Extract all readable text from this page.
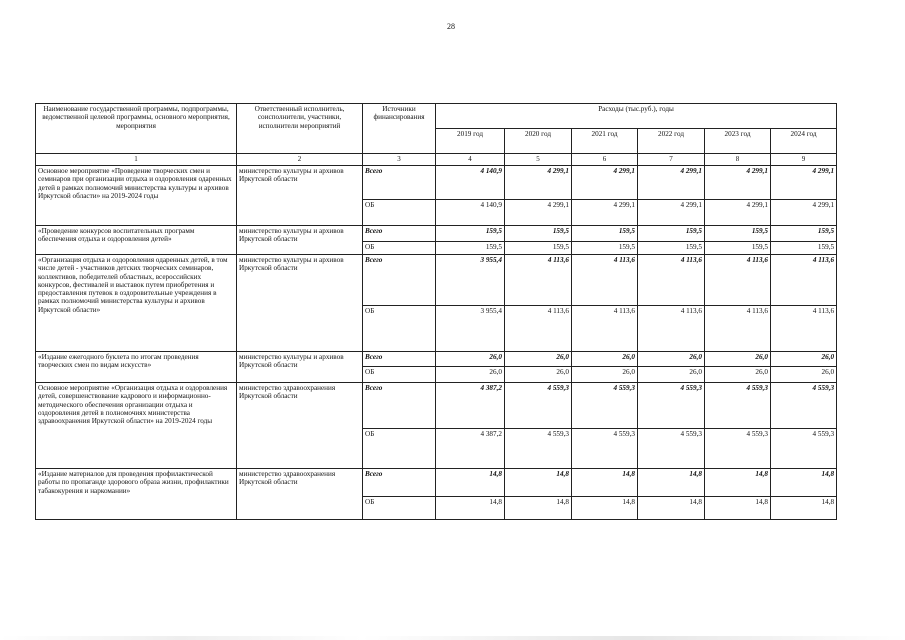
28
Наименование государственной программы, подпрограммы, ведомственной целевой программы, основного мероприятия, мероприятия	Ответственный исполнитель, соисполнители, участники, исполнители мероприятий	Источники финансирования	Расходы (тыс.руб.), годы					
			2019 год	2020 год	2021 год	2022 год	2023 год	2024 год
1	2	3	4	5	6	7	8	9
Основное мероприятие «Проведение творческих смен и семинаров при организации отдыха и оздоровления одаренных детей в рамках полномочий министерства культуры и архивов Иркутской области» на 2019-2024 годы	министерство культуры и архивов Иркутской области	Всего	4 140,9	4 299,1	4 299,1	4 299,1	4 299,1	4 299,1
		ОБ	4 140,9	4 299,1	4 299,1	4 299,1	4 299,1	4 299,1
«Проведение конкурсов воспитательных программ обеспечения отдыха и оздоровления детей»	министерство культуры и архивов Иркутской области	Всего	159,5	159,5	159,5	159,5	159,5	159,5
		ОБ	159,5	159,5	159,5	159,5	159,5	159,5
«Организация отдыха и оздоровления одаренных детей, в том числе детей - участников детских творческих семинаров, коллективов, победителей областных, всероссийских конкурсов, фестивалей и выставок путем приобретения и предоставления путевок в оздоровительные учреждения в рамках полномочий министерства культуры и архивов Иркутской области»	министерство культуры и архивов Иркутской области	Всего	3 955,4	4 113,6	4 113,6	4 113,6	4 113,6	4 113,6
		ОБ	3 955,4	4 113,6	4 113,6	4 113,6	4 113,6	4 113,6
«Издание ежегодного буклета по итогам проведения творческих смен по видам искусств»	министерство культуры и архивов Иркутской области	Всего	26,0	26,0	26,0	26,0	26,0	26,0
		ОБ	26,0	26,0	26,0	26,0	26,0	26,0
Основное мероприятие «Организация отдыха и оздоровления детей, совершенствование кадрового и информационно-методического обеспечения организации отдыха и оздоровления детей в полномочиях министерства здравоохранения Иркутской области» на 2019-2024 годы	министерство здравоохранения Иркутской области	Всего	4 387,2	4 559,3	4 559,3	4 559,3	4 559,3	4 559,3
		ОБ	4 387,2	4 559,3	4 559,3	4 559,3	4 559,3	4 559,3
«Издание материалов для проведения профилактической работы по пропаганде здорового образа жизни, профилактики табакокурения и наркомании»	министерство здравоохранения Иркутской области	Всего	14,8	14,8	14,8	14,8	14,8	14,8
		ОБ	14,8	14,8	14,8	14,8	14,8	14,8
